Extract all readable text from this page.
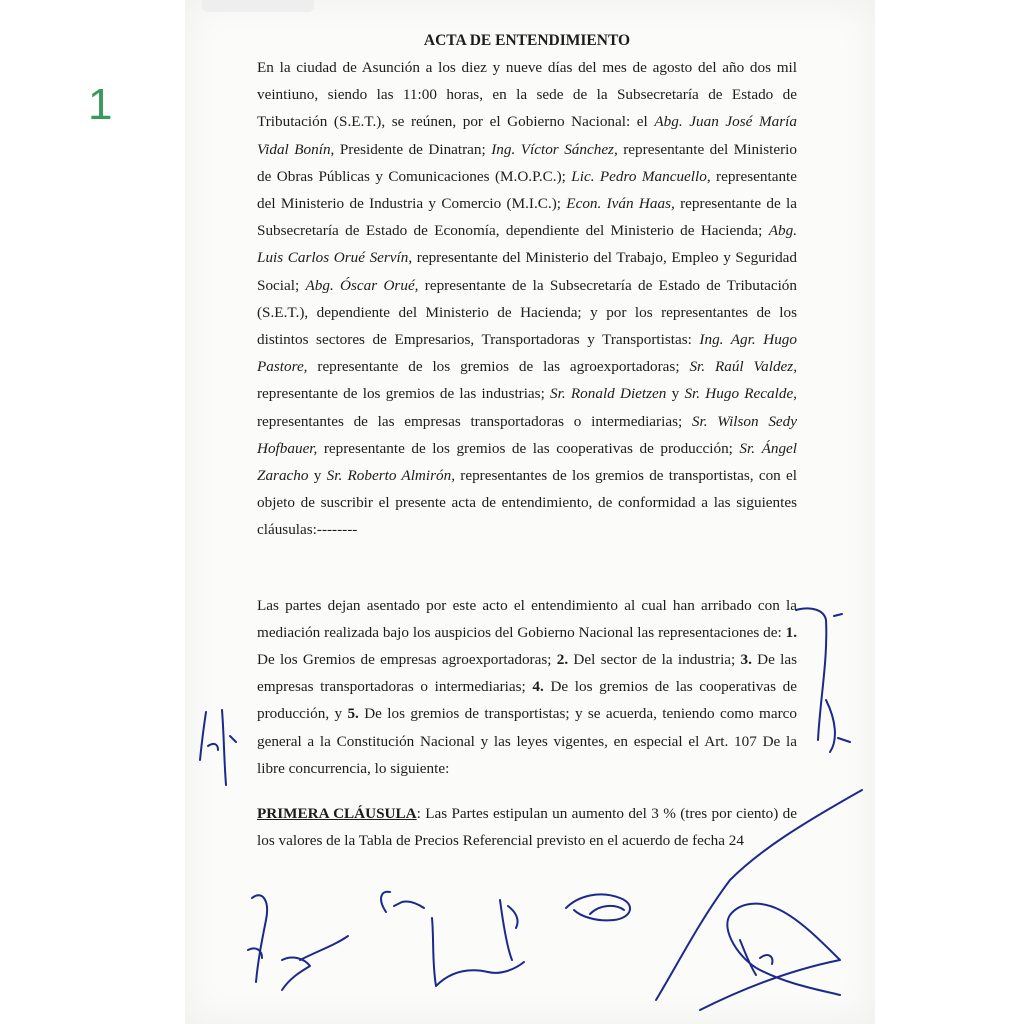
1
ACTA DE ENTENDIMIENTO

En la ciudad de Asunción a los diez y nueve días del mes de agosto del año dos mil veintiuno, siendo las 11:00 horas, en la sede de la Subsecretaría de Estado de Tributación (S.E.T.), se reúnen, por el Gobierno Nacional: el Abg. Juan José María Vidal Bonín, Presidente de Dinatran; Ing. Víctor Sánchez, representante del Ministerio de Obras Públicas y Comunicaciones (M.O.P.C.); Lic. Pedro Mancuello, representante del Ministerio de Industria y Comercio (M.I.C.); Econ. Iván Haas, representante de la Subsecretaría de Estado de Economía, dependiente del Ministerio de Hacienda; Abg. Luis Carlos Orué Servín, representante del Ministerio del Trabajo, Empleo y Seguridad Social; Abg. Óscar Orué, representante de la Subsecretaría de Estado de Tributación (S.E.T.), dependiente del Ministerio de Hacienda; y por los representantes de los distintos sectores de Empresarios, Transportadoras y Transportistas: Ing. Agr. Hugo Pastore, representante de los gremios de las agroexportadoras; Sr. Raúl Valdez, representante de los gremios de las industrias; Sr. Ronald Dietzen y Sr. Hugo Recalde, representantes de las empresas transportadoras o intermediarias; Sr. Wilson Sedy Hofbauer, representante de los gremios de las cooperativas de producción; Sr. Ángel Zaracho y Sr. Roberto Almirón, representantes de los gremios de transportistas, con el objeto de suscribir el presente acta de entendimiento, de conformidad a las siguientes cláusulas:--------

Las partes dejan asentado por este acto el entendimiento al cual han arribado con la mediación realizada bajo los auspicios del Gobierno Nacional las representaciones de: 1. De los Gremios de empresas agroexportadoras; 2. Del sector de la industria; 3. De las empresas transportadoras o intermediarias; 4. De los gremios de las cooperativas de producción, y 5. De los gremios de transportistas; y se acuerda, teniendo como marco general a la Constitución Nacional y las leyes vigentes, en especial el Art. 107 De la libre concurrencia, lo siguiente:

PRIMERA CLÁUSULA: Las Partes estipulan un aumento del 3 % (tres por ciento) de los valores de la Tabla de Precios Referencial previsto en el acuerdo de fecha 24
